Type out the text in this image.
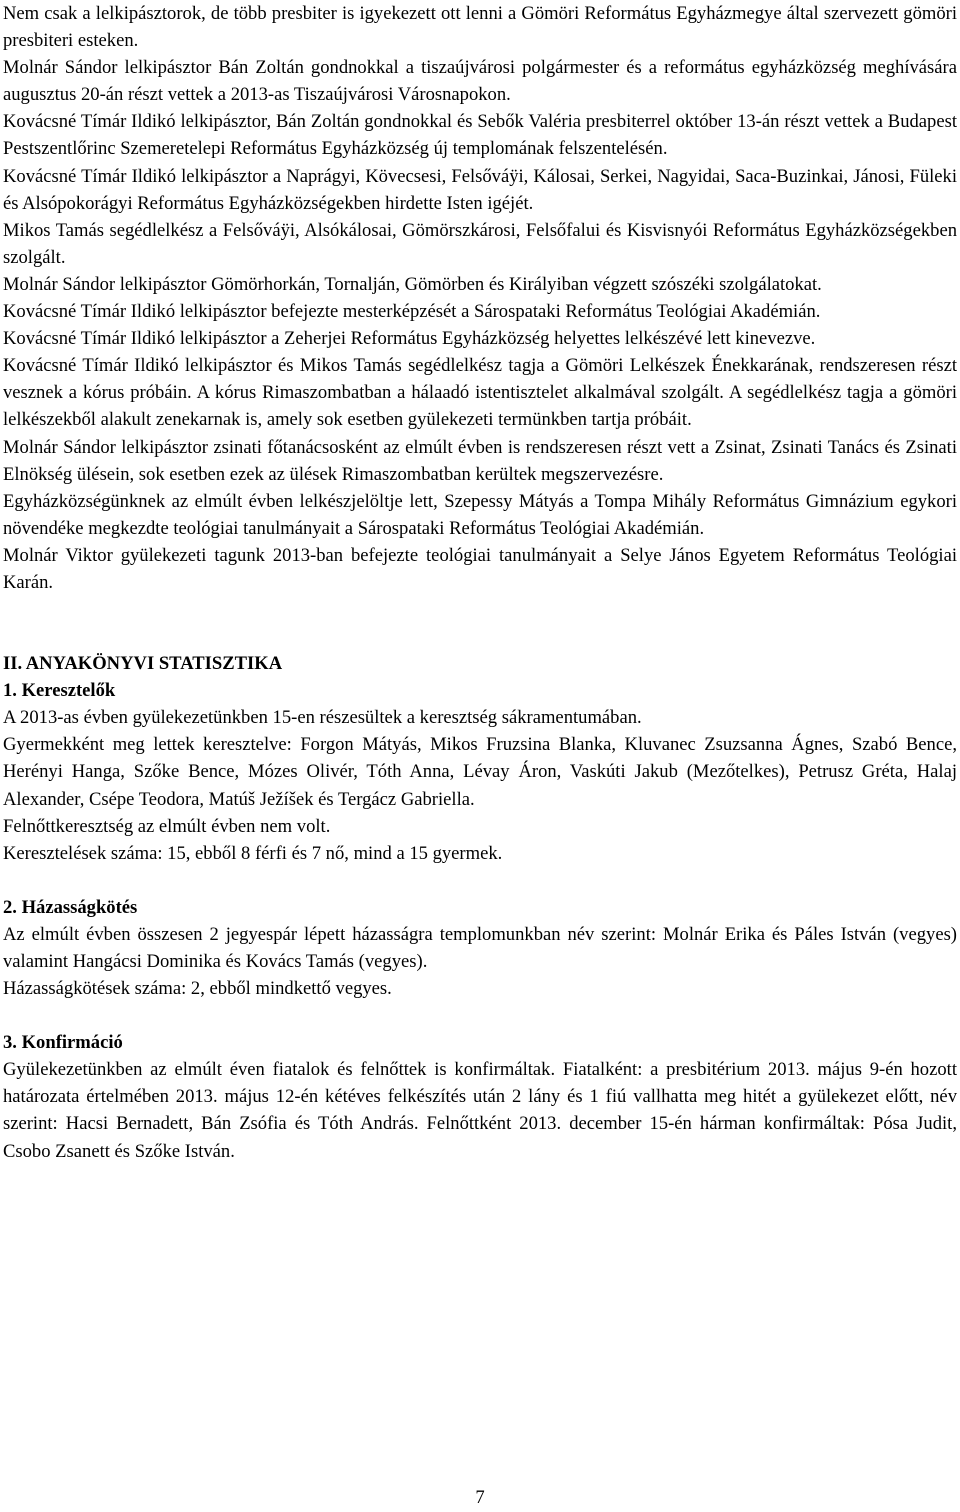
Nem csak a lelkipásztorok, de több presbiter is igyekezett ott lenni a Gömöri Református Egyházmegye által szervezett gömöri presbiteri esteken.

Molnár Sándor lelkipásztor Bán Zoltán gondnokkal a tiszaújvárosi polgármester és a református egyházközség meghívására augusztus 20-án részt vettek a 2013-as Tiszaújvárosi Városnapokon.

Kovácsné Tímár Ildikó lelkipásztor, Bán Zoltán gondnokkal és Sebők Valéria presbiterrel október 13-án részt vettek a Budapest Pestszentlőrinc Szemeretelepi Református Egyházközség új templomának felszentelésén.

Kovácsné Tímár Ildikó lelkipásztor a Naprágyi, Kövecsesi, Felsőváÿi, Kálosai, Serkei, Nagyidai, Saca-Buzinkai, Jánosi, Füleki és Alsópokorágyi Református Egyházközségekben hirdette Isten igéjét.

Mikos Tamás segédlelkész a Felsőváÿi, Alsókálosai, Gömörszkárosi, Felsőfalui és Kisvisnyói Református Egyházközségekben szolgált.

Molnár Sándor lelkipásztor Gömörhorkán, Tornalján, Gömörben és Királyiban végzett szószéki szolgálatokat.

Kovácsné Tímár Ildikó lelkipásztor befejezte mesterképzését a Sárospataki Református Teológiai Akadémián.

Kovácsné Tímár Ildikó lelkipásztor a Zeherjei Református Egyházközség helyettes lelkészévé lett kinevezve.

Kovácsné Tímár Ildikó lelkipásztor és Mikos Tamás segédlelkész tagja a Gömöri Lelkészek Énekkarának, rendszeresen részt vesznek a kórus próbáin. A kórus Rimaszombatban a hálaadó istentisztelet alkalmával szolgált. A segédlelkész tagja a gömöri lelkészekből alakult zenekarnak is, amely sok esetben gyülekezeti termünkben tartja próbáit.

Molnár Sándor lelkipásztor zsinati főtanácsosként az elmúlt évben is rendszeresen részt vett a Zsinat, Zsinati Tanács és Zsinati Elnökség ülésein, sok esetben ezek az ülések Rimaszombatban kerültek megszervezésre.

Egyházközségünknek az elmúlt évben lelkészjelöltje lett, Szepessy Mátyás a Tompa Mihály Református Gimnázium egykori növendéke megkezdte teológiai tanulmányait a Sárospataki Református Teológiai Akadémián.

Molnár Viktor gyülekezeti tagunk 2013-ban befejezte teológiai tanulmányait a Selye János Egyetem Református Teológiai Karán.

II. ANYAKÖNYVI STATISZTIKA

1. Keresztelők

A 2013-as évben gyülekezetünkben 15-en részesültek a keresztség sákramentumában.

Gyermekként meg lettek keresztelve: Forgon Mátyás, Mikos Fruzsina Blanka, Kluvanec Zsuzsanna Ágnes, Szabó Bence, Herényi Hanga, Szőke Bence, Mózes Olivér, Tóth Anna, Lévay Áron, Vaskúti Jakub (Mezőtelkes), Petrusz Gréta, Halaj Alexander, Csépe Teodora, Matúš Ježíšek és Tergácz Gabriella.

Felnőttkeresztség az elmúlt évben nem volt.

Keresztelések száma: 15, ebből 8 férfi és 7 nő, mind a 15 gyermek.

2. Házasságkötés

Az elmúlt évben összesen 2 jegyespár lépett házasságra templomunkban név szerint: Molnár Erika és Páles István (vegyes) valamint Hangácsi Dominika és Kovács Tamás (vegyes).

Házasságkötések száma: 2, ebből mindkettő vegyes.

3. Konfirmáció

Gyülekezetünkben az elmúlt éven fiatalok és felnőttek is konfirmáltak. Fiatalként: a presbitérium 2013. május 9-én hozott határozata értelmében 2013. május 12-én kétéves felkészítés után 2 lány és 1 fiú vallhatta meg hitét a gyülekezet előtt, név szerint: Hacsi Bernadett, Bán Zsófia és Tóth András. Felnőttként 2013. december 15-én hárman konfirmáltak: Pósa Judit, Csobo Zsanett és Szőke István.

7
